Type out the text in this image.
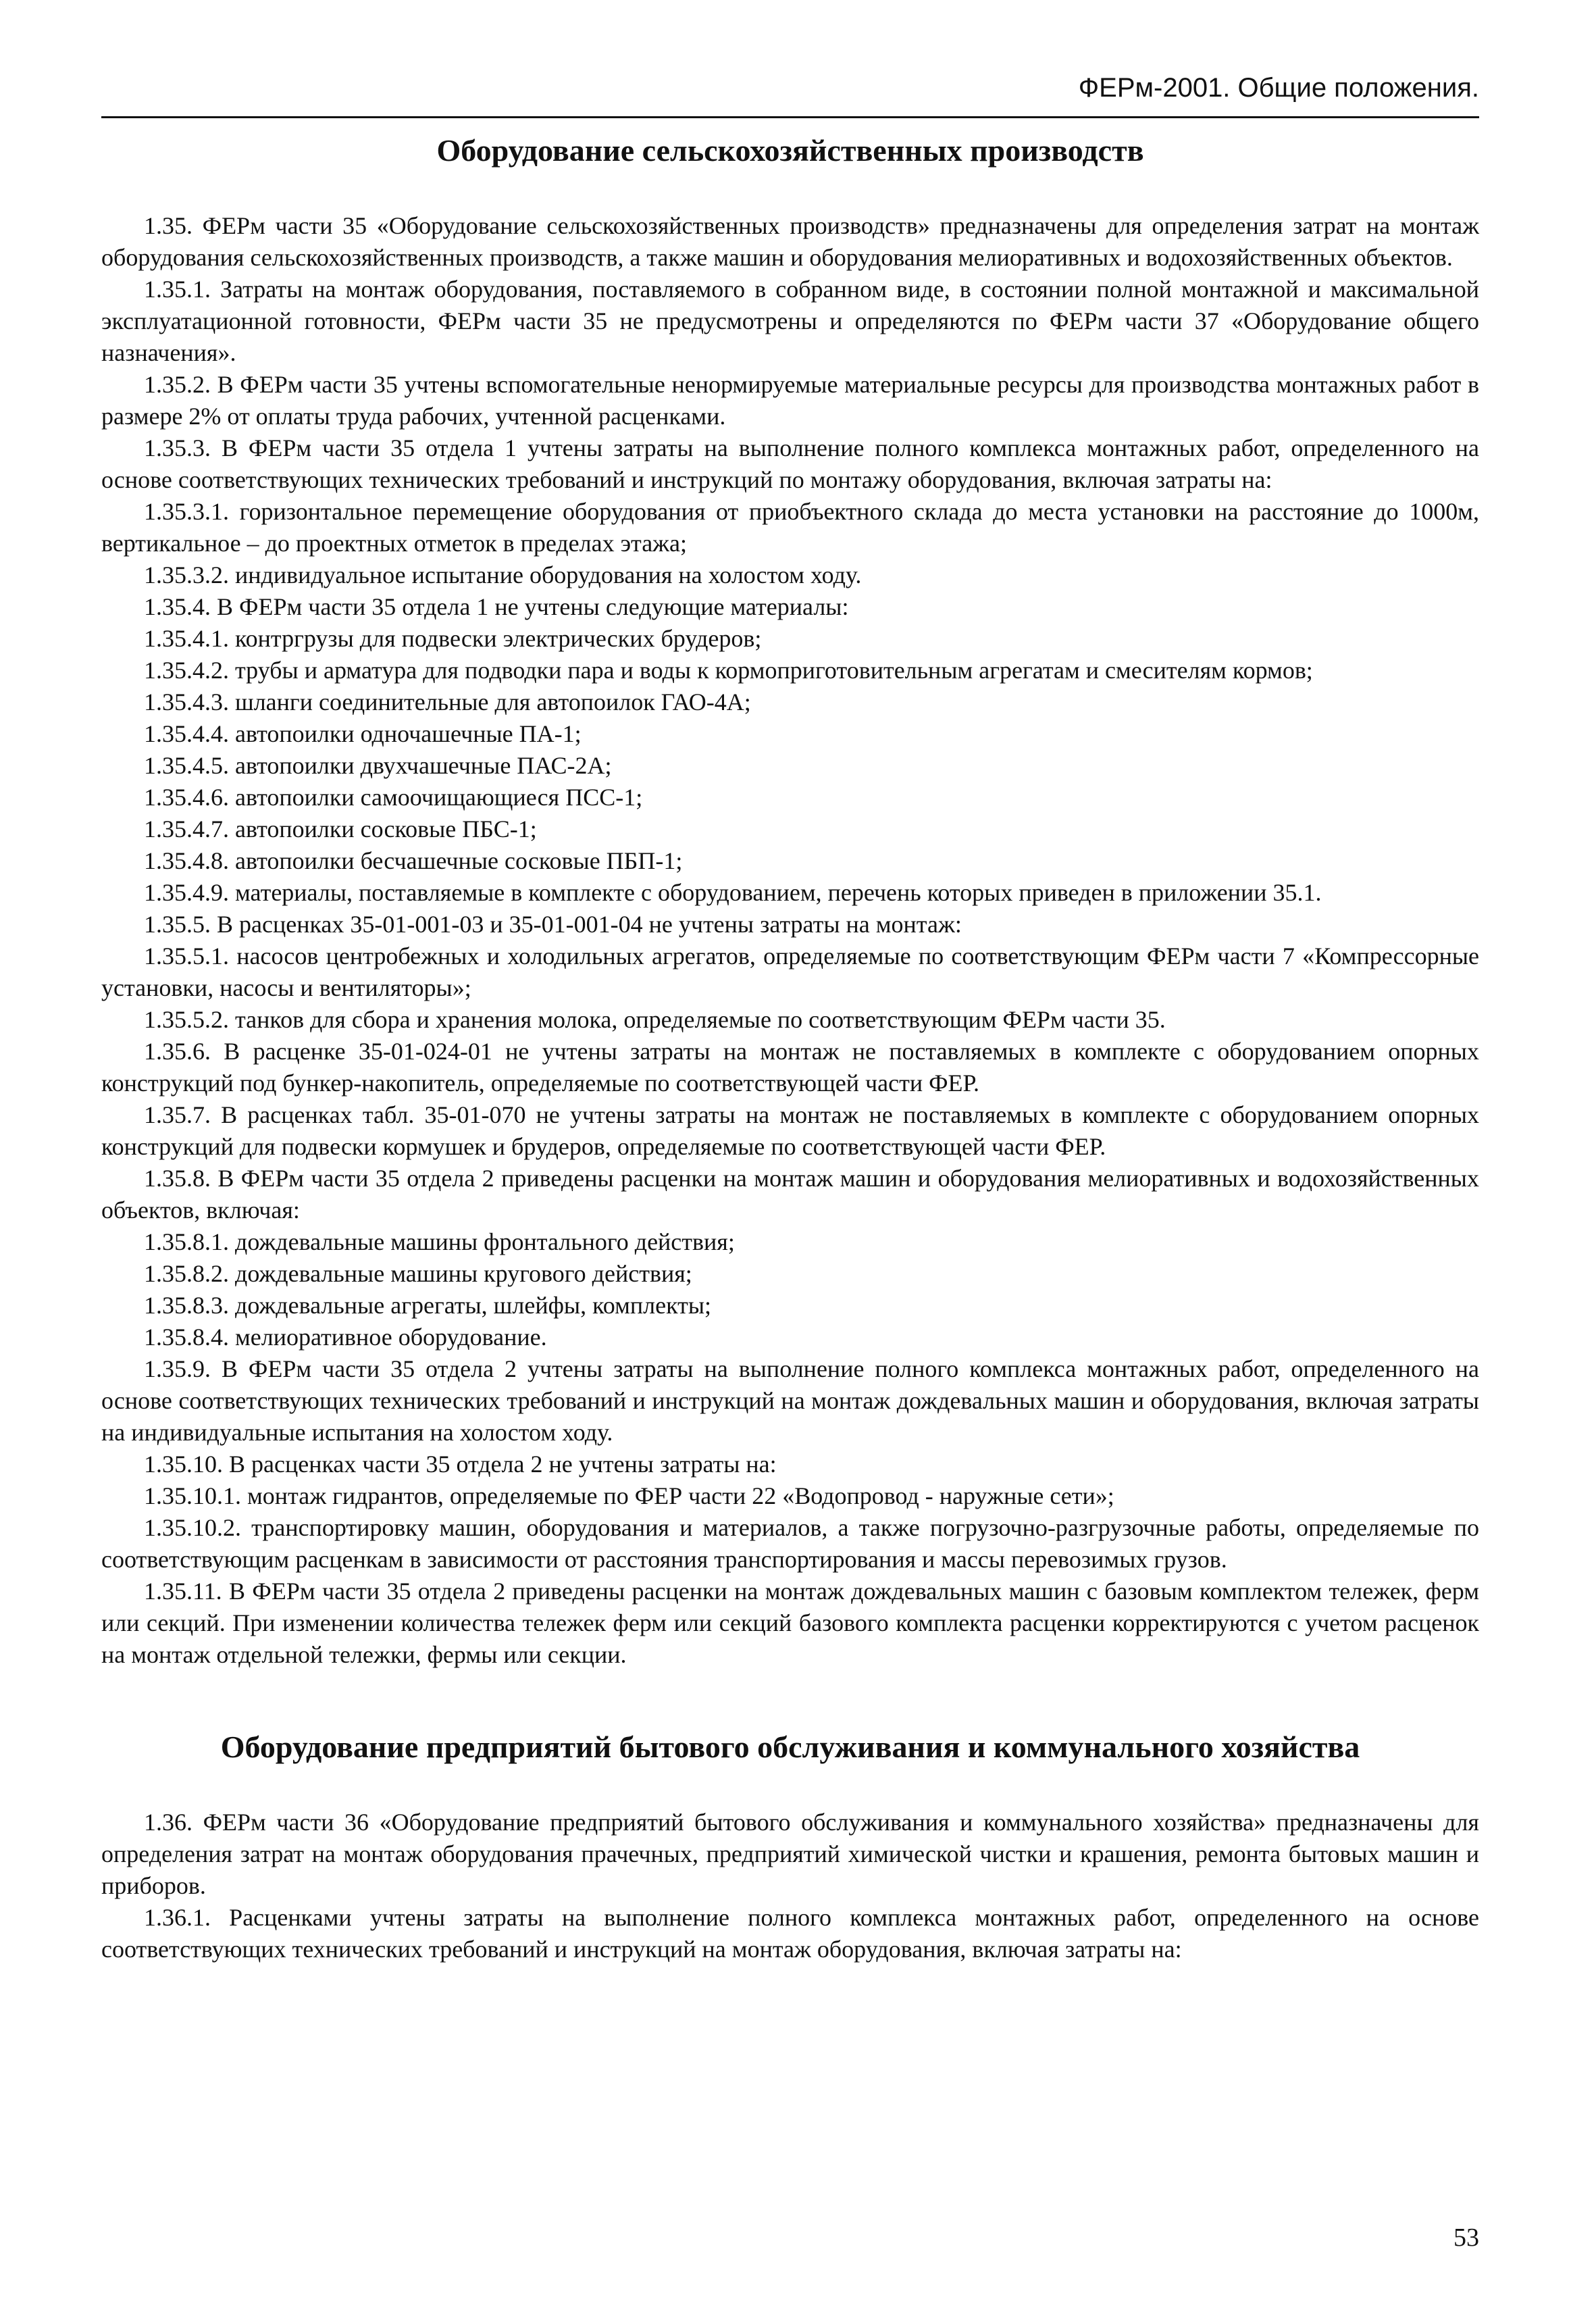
ФЕРм-2001. Общие положения.
Оборудование сельскохозяйственных производств

1.35. ФЕРм части 35 «Оборудование сельскохозяйственных производств» предназначены для определения затрат на монтаж оборудования сельскохозяйственных производств, а также машин и оборудования мелиоративных и водохозяйственных объектов.

1.35.1. Затраты на монтаж оборудования, поставляемого в собранном виде, в состоянии полной монтажной и максимальной эксплуатационной готовности, ФЕРм части 35 не предусмотрены и определяются по ФЕРм части 37 «Оборудование общего назначения».

1.35.2. В ФЕРм части 35 учтены вспомогательные ненормируемые материальные ресурсы для производства монтажных работ в размере 2% от оплаты труда рабочих, учтенной расценками.

1.35.3. В ФЕРм части 35 отдела 1 учтены затраты на выполнение полного комплекса монтажных работ, определенного на основе соответствующих технических требований и инструкций по монтажу оборудования, включая затраты на:

1.35.3.1. горизонтальное перемещение оборудования от приобъектного склада до места установки на расстояние до 1000м, вертикальное – до проектных отметок в пределах этажа;

1.35.3.2. индивидуальное испытание оборудования на холостом ходу.

1.35.4. В ФЕРм части 35 отдела 1 не учтены следующие материалы:

1.35.4.1. контргрузы для подвески электрических брудеров;

1.35.4.2. трубы и арматура для подводки пара и воды к кормоприготовительным агрегатам и смесителям кормов;

1.35.4.3. шланги соединительные для автопоилок ГАО-4А;

1.35.4.4. автопоилки одночашечные ПА-1;

1.35.4.5. автопоилки двухчашечные ПАС-2А;

1.35.4.6. автопоилки самоочищающиеся ПСС-1;

1.35.4.7. автопоилки сосковые ПБС-1;

1.35.4.8. автопоилки бесчашечные сосковые ПБП-1;

1.35.4.9. материалы, поставляемые в комплекте с оборудованием, перечень которых приведен в приложении 35.1.

1.35.5. В расценках 35-01-001-03 и 35-01-001-04 не учтены затраты на монтаж:

1.35.5.1. насосов центробежных и холодильных агрегатов, определяемые по соответствующим ФЕРм части 7 «Компрессорные установки, насосы и вентиляторы»;

1.35.5.2. танков для сбора и хранения молока, определяемые по соответствующим ФЕРм части 35.

1.35.6. В расценке 35-01-024-01 не учтены затраты на монтаж не поставляемых в комплекте с оборудованием опорных конструкций под бункер-накопитель, определяемые по соответствующей части ФЕР.

1.35.7. В расценках табл. 35-01-070 не учтены затраты на монтаж не поставляемых в комплекте с оборудованием опорных конструкций для подвески кормушек и брудеров, определяемые по соответствующей части ФЕР.

1.35.8. В ФЕРм части 35 отдела 2 приведены расценки на монтаж машин и оборудования мелиоративных и водохозяйственных объектов, включая:

1.35.8.1. дождевальные машины фронтального действия;

1.35.8.2. дождевальные машины кругового действия;

1.35.8.3. дождевальные агрегаты, шлейфы, комплекты;

1.35.8.4. мелиоративное оборудование.

1.35.9. В ФЕРм части 35 отдела 2 учтены затраты на выполнение полного комплекса монтажных работ, определенного на основе соответствующих технических требований и инструкций на монтаж дождевальных машин и оборудования, включая затраты на индивидуальные испытания на холостом ходу.

1.35.10. В расценках части 35 отдела 2 не учтены затраты на:

1.35.10.1. монтаж гидрантов, определяемые по ФЕР части 22 «Водопровод - наружные сети»;

1.35.10.2. транспортировку машин, оборудования и материалов, а также погрузочно-разгрузочные работы, определяемые по соответствующим расценкам в зависимости от расстояния транспортирования и массы перевозимых грузов.

1.35.11. В ФЕРм части 35 отдела 2 приведены расценки на монтаж дождевальных машин с базовым комплектом тележек, ферм или секций. При изменении количества тележек ферм или секций базового комплекта расценки корректируются с учетом расценок на монтаж отдельной тележки, фермы или секции.

Оборудование предприятий бытового обслуживания и коммунального хозяйства

1.36. ФЕРм части 36 «Оборудование предприятий бытового обслуживания и коммунального хозяйства» предназначены для определения затрат на монтаж оборудования прачечных, предприятий химической чистки и крашения, ремонта бытовых машин и приборов.

1.36.1. Расценками учтены затраты на выполнение полного комплекса монтажных работ, определенного на основе соответствующих технических требований и инструкций на монтаж оборудования, включая затраты на:

53
